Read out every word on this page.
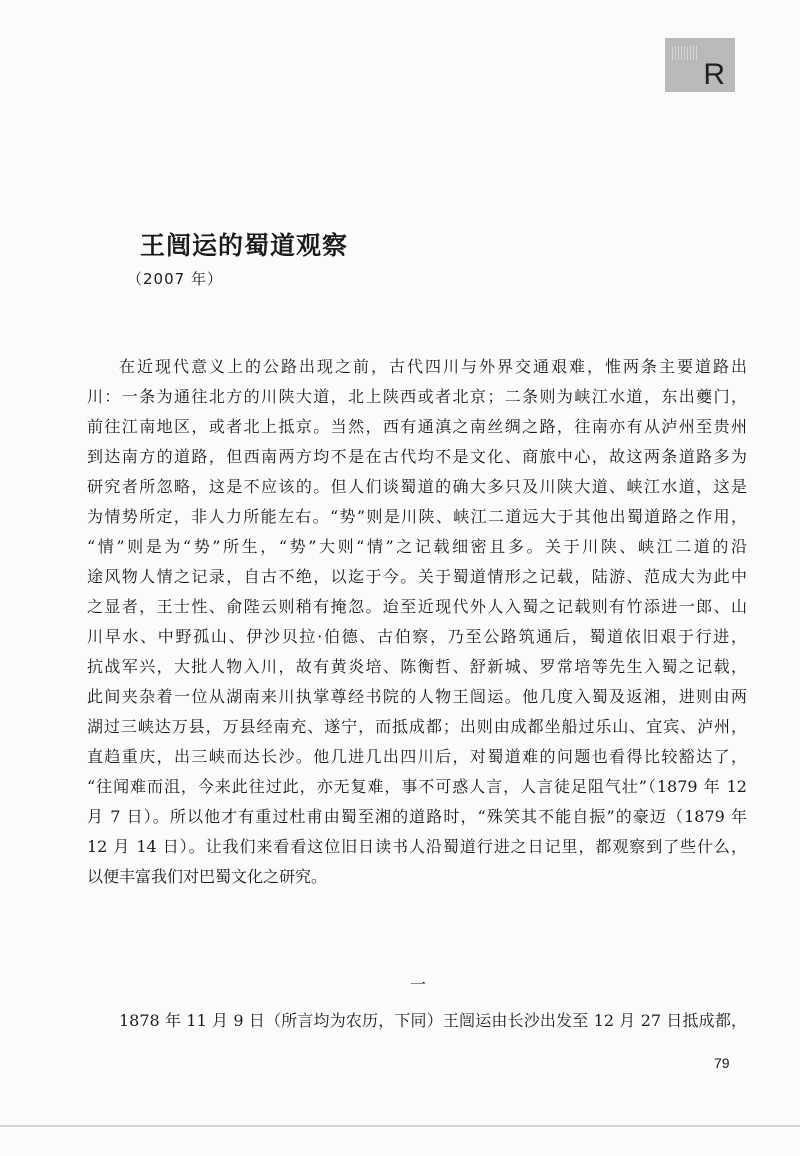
R
王闿运的蜀道观察
（2007 年）
在近现代意义上的公路出现之前，古代四川与外界交通艰难，惟两条主要道路出
川：一条为通往北方的川陕大道，北上陕西或者北京；二条则为峡江水道，东出夔门，
前往江南地区，或者北上抵京。当然，西有通滇之南丝绸之路，往南亦有从泸州至贵州
到达南方的道路，但西南两方均不是在古代均不是文化、商旅中心，故这两条道路多为
研究者所忽略，这是不应该的。但人们谈蜀道的确大多只及川陕大道、峡江水道，这是
为情势所定，非人力所能左右。“势”则是川陕、峡江二道远大于其他出蜀道路之作用，
“情”则是为“势”所生，“势”大则“情”之记载细密且多。关于川陕、峡江二道的沿
途风物人情之记录，自古不绝，以迄于今。关于蜀道情形之记载，陆游、范成大为此中
之显者，王士性、俞陛云则稍有掩忽。迨至近现代外人入蜀之记载则有竹添进一郎、山
川早水、中野孤山、伊沙贝拉·伯德、古伯察，乃至公路筑通后，蜀道依旧艰于行进，
抗战军兴，大批人物入川，故有黄炎培、陈衡哲、舒新城、罗常培等先生入蜀之记载，
此间夹杂着一位从湖南来川执掌尊经书院的人物王闿运。他几度入蜀及返湘，进则由两
湖过三峡达万县，万县经南充、遂宁，而抵成都；出则由成都坐船过乐山、宜宾、泸州，
直趋重庆，出三峡而达长沙。他几进几出四川后，对蜀道难的问题也看得比较豁达了，
“往闻难而沮，今来此往过此，亦无复难，事不可惑人言，人言徒足阻气壮”（1879 年 12
月 7 日）。所以他才有重过杜甫由蜀至湘的道路时，“殊笑其不能自振”的豪迈（1879 年
12 月 14 日）。让我们来看看这位旧日读书人沿蜀道行进之日记里，都观察到了些什么，
以便丰富我们对巴蜀文化之研究。
一
1878 年 11 月 9 日（所言均为农历，下同）王闿运由长沙出发至 12 月 27 日抵成都，
79
